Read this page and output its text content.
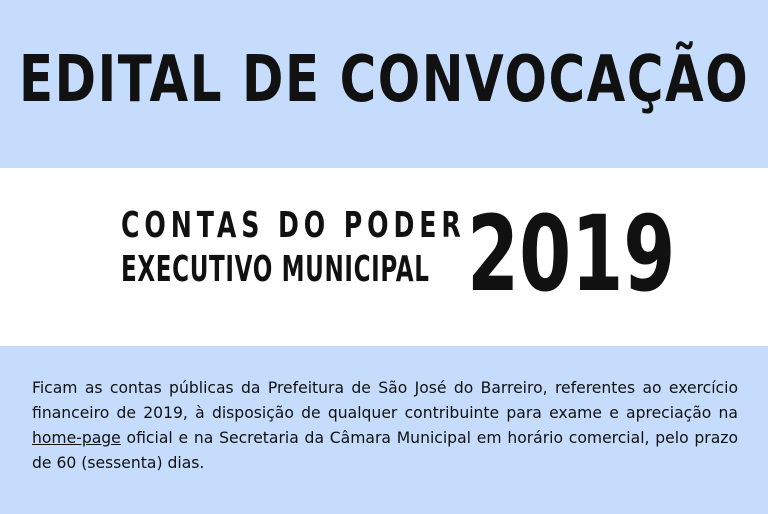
EDITAL DE CONVOCAÇÃO
CONTAS DO PODER
EXECUTIVO MUNICIPAL 2019

Ficam as contas públicas da Prefeitura de São José do Barreiro, referentes ao exercício financeiro de 2019, à disposição de qualquer contribuinte para exame e apreciação na home-page oficial e na Secretaria da Câmara Municipal em horário comercial, pelo prazo de 60 (sessenta) dias.
